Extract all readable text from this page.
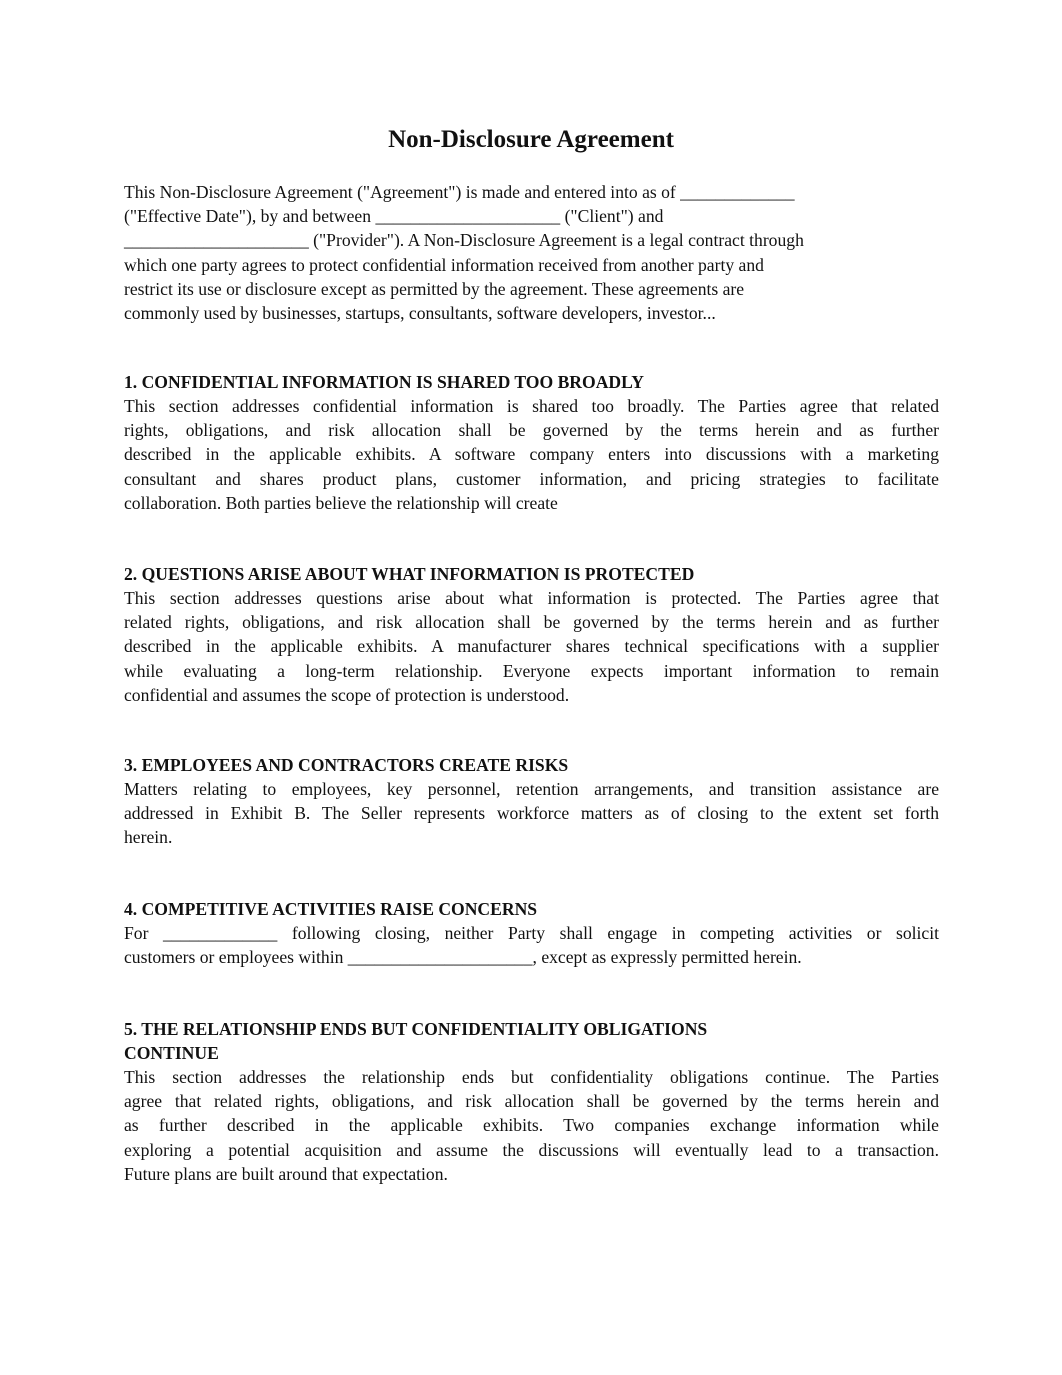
Non-Disclosure Agreement
This Non-Disclosure Agreement ("Agreement") is made and entered into as of _____________
("Effective Date"), by and between _____________________ ("Client") and
_____________________ ("Provider"). A Non-Disclosure Agreement is a legal contract through
which one party agrees to protect confidential information received from another party and
restrict its use or disclosure except as permitted by the agreement. These agreements are
commonly used by businesses, startups, consultants, software developers, investor...
1. CONFIDENTIAL INFORMATION IS SHARED TOO BROADLY
This section addresses confidential information is shared too broadly. The Parties agree that related
rights, obligations, and risk allocation shall be governed by the terms herein and as further
described in the applicable exhibits. A software company enters into discussions with a marketing
consultant and shares product plans, customer information, and pricing strategies to facilitate
collaboration. Both parties believe the relationship will create
2. QUESTIONS ARISE ABOUT WHAT INFORMATION IS PROTECTED
This section addresses questions arise about what information is protected. The Parties agree that
related rights, obligations, and risk allocation shall be governed by the terms herein and as further
described in the applicable exhibits. A manufacturer shares technical specifications with a supplier
while evaluating a long-term relationship. Everyone expects important information to remain
confidential and assumes the scope of protection is understood.
3. EMPLOYEES AND CONTRACTORS CREATE RISKS
Matters relating to employees, key personnel, retention arrangements, and transition assistance are
addressed in Exhibit B. The Seller represents workforce matters as of closing to the extent set forth
herein.
4. COMPETITIVE ACTIVITIES RAISE CONCERNS
For _____________ following closing, neither Party shall engage in competing activities or solicit
customers or employees within _____________________, except as expressly permitted herein.
5. THE RELATIONSHIP ENDS BUT CONFIDENTIALITY OBLIGATIONS
CONTINUE
This section addresses the relationship ends but confidentiality obligations continue. The Parties
agree that related rights, obligations, and risk allocation shall be governed by the terms herein and
as further described in the applicable exhibits. Two companies exchange information while
exploring a potential acquisition and assume the discussions will eventually lead to a transaction.
Future plans are built around that expectation.
